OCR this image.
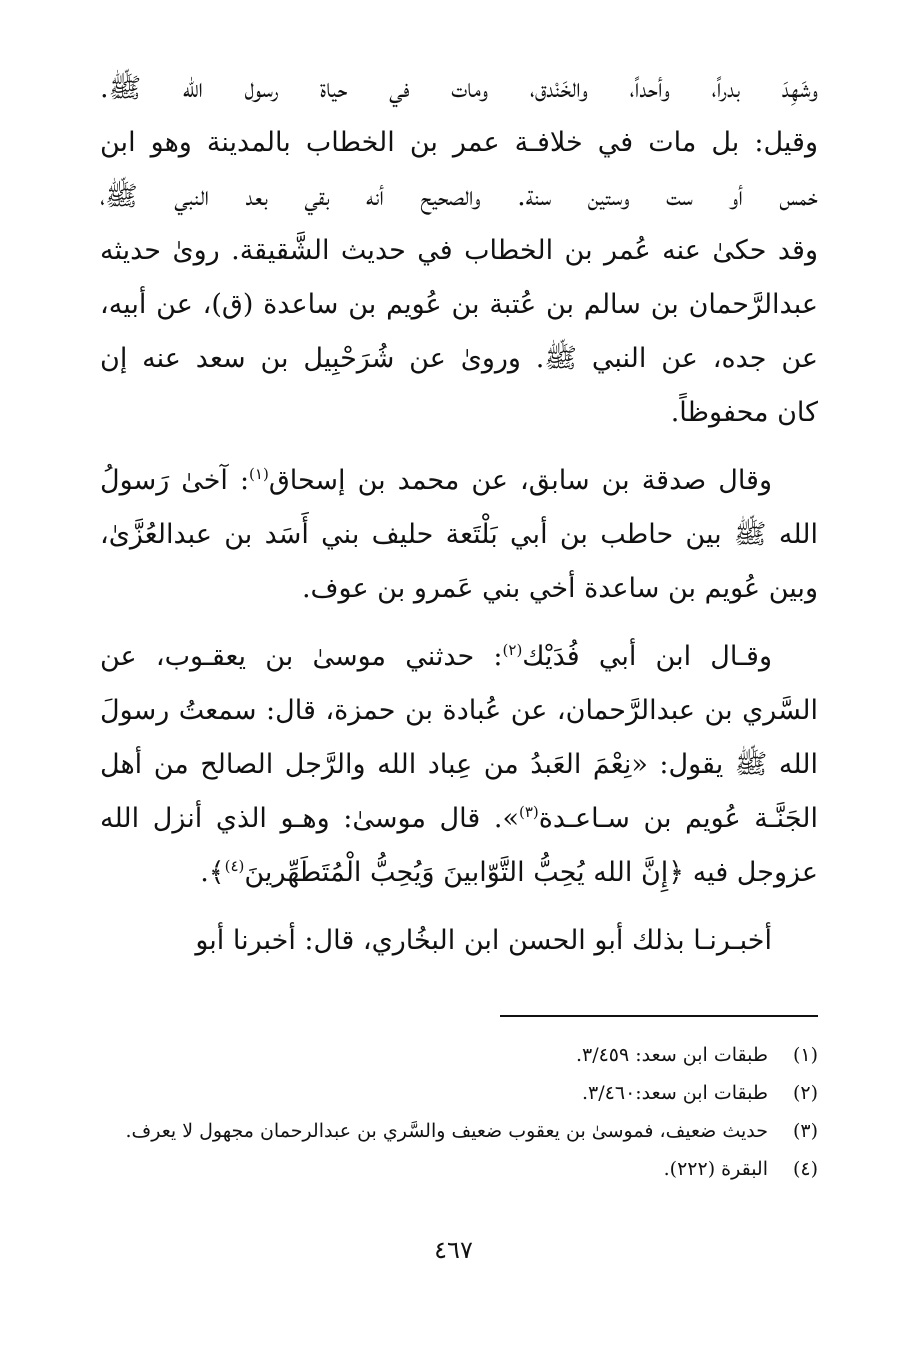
وشَهِدَ بدراً، وأحداً، والخَنْدق، ومات في حياة رسول الله ﷺ.
وقيل: بل مات في خلافـة عمر بن الخطاب بالمدينة وهو ابن
خمس أو ست وستين سنة. والصحيح أنه بقي بعد النبي ﷺ،
وقد حكىٰ عنه عُمر بن الخطاب في حديث الشَّقيقة. روىٰ حديثه
عبدالرَّحمان بن سالم بن عُتبة بن عُويم بن ساعدة (ق)، عن أبيه،
عن جده، عن النبي ﷺ. ورویٰ عن شُرَحْبِيل بن سعد عنه إن
كان محفوظاً.
وقال صدقة بن سابق، عن محمد بن إسحاق$^{(١)}$: آخىٰ رَسولُ
الله ﷺ بين حاطب بن أبي بَلْتَعة حليف بني أَسَد بن عبدالعُزَّىٰ،
وبين عُويم بن ساعدة أخي بني عَمرو بن عوف.
وقـال ابن أبي فُدَيْك$^{(٢)}$: حدثني موسىٰ بن يعقـوب، عن
السَّري بن عبدالرَّحمان، عن عُبادة بن حمزة، قال: سمعتُ رسولَ
الله ﷺ يقول: «نِعْمَ العَبدُ من عِباد الله والرَّجل الصالح من أهل
الجَنَّـة عُويم بن سـاعـدة$^{(٣)}$». قال موسىٰ: وهـو الذي أنزل الله
عزوجل فيه ﴿إِنَّ الله يُحِبُّ التَّوّابينَ وَيُحِبُّ الْمُتَطَهِّرينَ$^{(٤)}$﴾.
أخبـرنـا بذلك أبو الحسن ابن البخُاري، قال: أخبرنا أبو
(١)
طبقات ابن سعد: ٣/٤٥٩.
(٢)
طبقات ابن سعد:٣/٤٦٠.
(٣)
حديث ضعيف، فموسىٰ بن يعقوب ضعيف والسَّري بن عبدالرحمان مجهول لا يعرف.
(٤)
البقرة (٢٢٢).
٤٦٧
